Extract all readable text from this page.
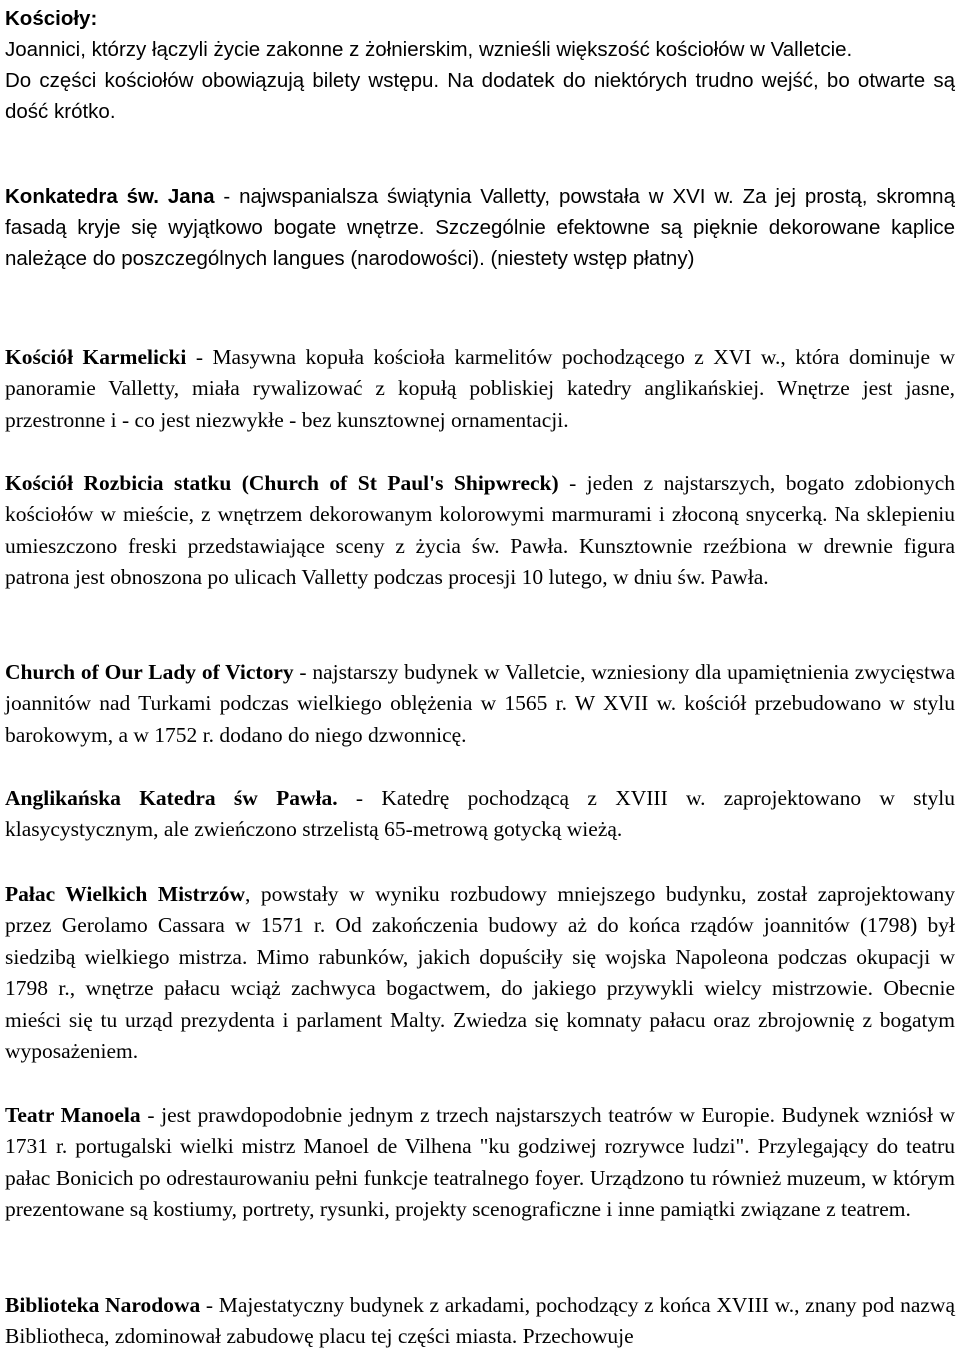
Kościoły:

Joannici, którzy łączyli życie zakonne z żołnierskim, wznieśli większość kościołów w Valletcie.

Do części kościołów obowiązują bilety wstępu. Na dodatek do niektórych trudno wejść, bo otwarte są dość krótko.

Konkatedra św. Jana - najwspanialsza świątynia Valletty, powstała w XVI w. Za jej prostą, skromną fasadą kryje się wyjątkowo bogate wnętrze. Szczególnie efektowne są pięknie dekorowane kaplice należące do poszczególnych langues (narodowości). (niestety wstęp płatny)

Kościół Karmelicki - Masywna kopuła kościoła karmelitów pochodzącego z XVI w., która dominuje w panoramie Valletty, miała rywalizować z kopułą pobliskiej katedry anglikańskiej. Wnętrze jest jasne, przestronne i - co jest niezwykłe - bez kunsztownej ornamentacji.

Kościół Rozbicia statku (Church of St Paul's Shipwreck) - jeden z najstarszych, bogato zdobionych kościołów w mieście, z wnętrzem dekorowanym kolorowymi marmurami i złoconą snycerką. Na sklepieniu umieszczono freski przedstawiające sceny z życia św. Pawła. Kunsztownie rzeźbiona w drewnie figura patrona jest obnoszona po ulicach Valletty podczas procesji 10 lutego, w dniu św. Pawła.

Church of Our Lady of Victory - najstarszy budynek w Valletcie, wzniesiony dla upamiętnienia zwycięstwa joannitów nad Turkami podczas wielkiego oblężenia w 1565 r. W XVII w. kościół przebudowano w stylu barokowym, a w 1752 r. dodano do niego dzwonnicę.

Anglikańska Katedra św Pawła. - Katedrę pochodzącą z XVIII w. zaprojektowano w stylu klasycystycznym, ale zwieńczono strzelistą 65-metrową gotycką wieżą.

Pałac Wielkich Mistrzów, powstały w wyniku rozbudowy mniejszego budynku, został zaprojektowany przez Gerolamo Cassara w 1571 r. Od zakończenia budowy aż do końca rządów joannitów (1798) był siedzibą wielkiego mistrza. Mimo rabunków, jakich dopuściły się wojska Napoleona podczas okupacji w 1798 r., wnętrze pałacu wciąż zachwyca bogactwem, do jakiego przywykli wielcy mistrzowie. Obecnie mieści się tu urząd prezydenta i parlament Malty. Zwiedza się komnaty pałacu oraz zbrojownię z bogatym wyposażeniem.

Teatr Manoela - jest prawdopodobnie jednym z trzech najstarszych teatrów w Europie. Budynek wzniósł w 1731 r. portugalski wielki mistrz Manoel de Vilhena "ku godziwej rozrywce ludzi". Przylegający do teatru pałac Bonicich po odrestaurowaniu pełni funkcje teatralnego foyer. Urządzono tu również muzeum, w którym prezentowane są kostiumy, portrety, rysunki, projekty scenograficzne i inne pamiątki związane z teatrem.

Biblioteka Narodowa - Majestatyczny budynek z arkadami, pochodzący z końca XVIII w., znany pod nazwą Bibliotheca, zdominował zabudowę placu tej części miasta. Przechowuje
